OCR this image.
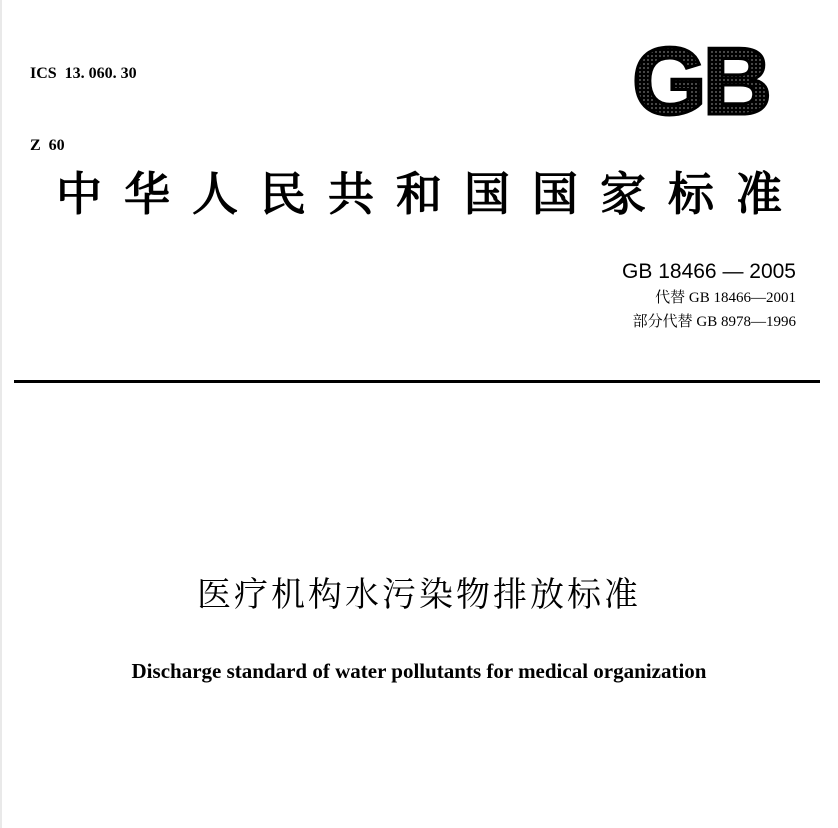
ICS  13. 060. 30

Z  60

GB
中华人民共和国国家标准
GB 18466 — 2005
代替 GB 18466—2001
部分代替 GB 8978—1996
医疗机构水污染物排放标准
Discharge standard of water pollutants for medical organization
